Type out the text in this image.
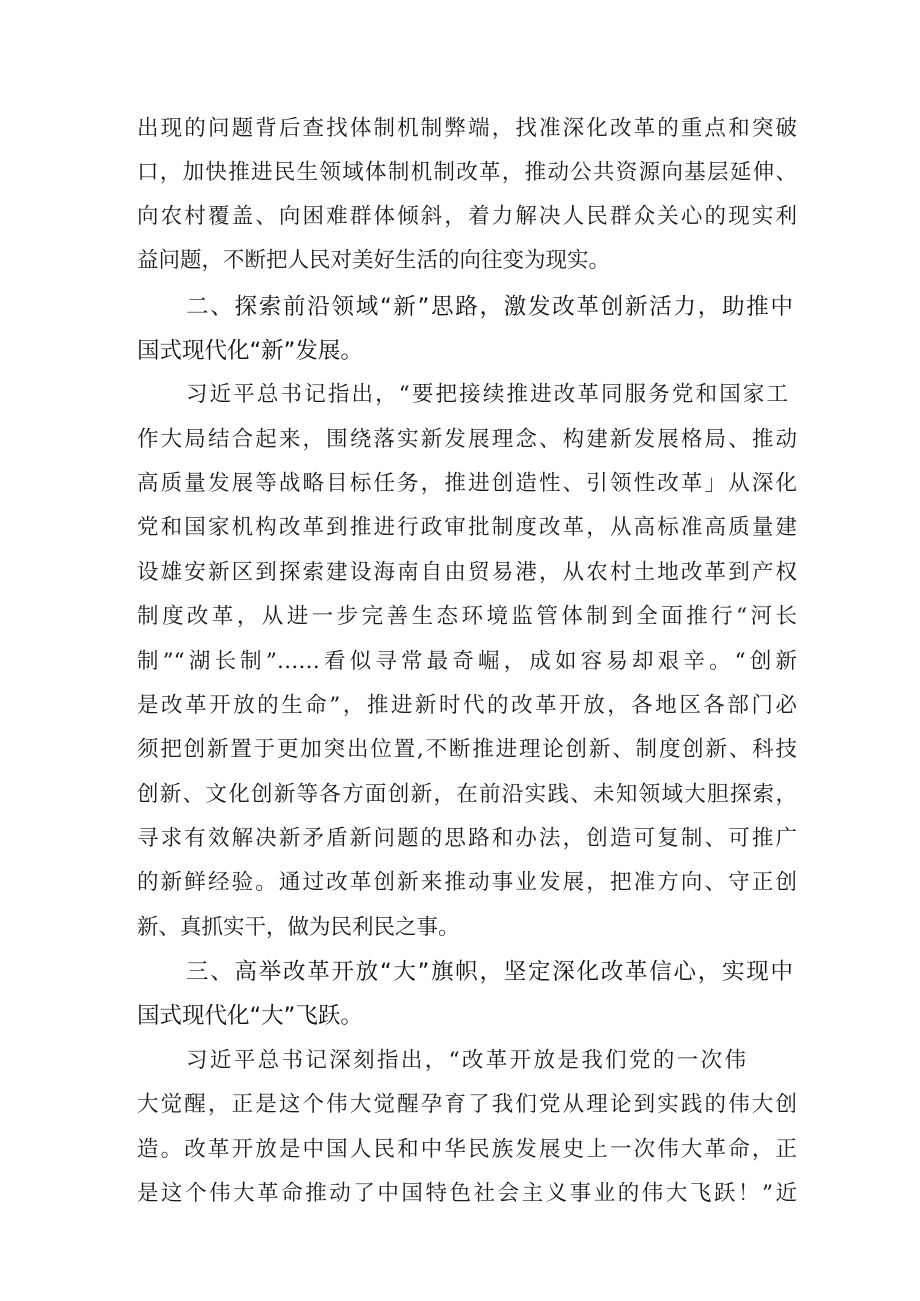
出现的问题背后查找体制机制弊端，找准深化改革的重点和突破
口，加快推进民生领域体制机制改革，推动公共资源向基层延伸、
向农村覆盖、向困难群体倾斜，着力解决人民群众关心的现实利
益问题，不断把人民对美好生活的向往变为现实。
二、探索前沿领域“新”思路，激发改革创新活力，助推中
国式现代化“新”发展。
习近平总书记指出，“要把接续推进改革同服务党和国家工
作大局结合起来，围绕落实新发展理念、构建新发展格局、推动
高质量发展等战略目标任务，推进创造性、引领性改革」从深化
党和国家机构改革到推进行政审批制度改革，从高标准高质量建
设雄安新区到探索建设海南自由贸易港，从农村土地改革到产权
制度改革，从进一步完善生态环境监管体制到全面推行“河长
制”“湖长制”……看似寻常最奇崛，成如容易却艰辛。“创新
是改革开放的生命”，推进新时代的改革开放，各地区各部门必
须把创新置于更加突出位置,不断推进理论创新、制度创新、科技
创新、文化创新等各方面创新，在前沿实践、未知领域大胆探索，
寻求有效解决新矛盾新问题的思路和办法，创造可复制、可推广
的新鲜经验。通过改革创新来推动事业发展，把准方向、守正创
新、真抓实干，做为民利民之事。
三、高举改革开放“大”旗帜，坚定深化改革信心，实现中
国式现代化“大”飞跃。
习近平总书记深刻指出，“改革开放是我们党的一次伟
大觉醒，正是这个伟大觉醒孕育了我们党从理论到实践的伟大创
造。改革开放是中国人民和中华民族发展史上一次伟大革命，正
是这个伟大革命推动了中国特色社会主义事业的伟大飞跃！”近
